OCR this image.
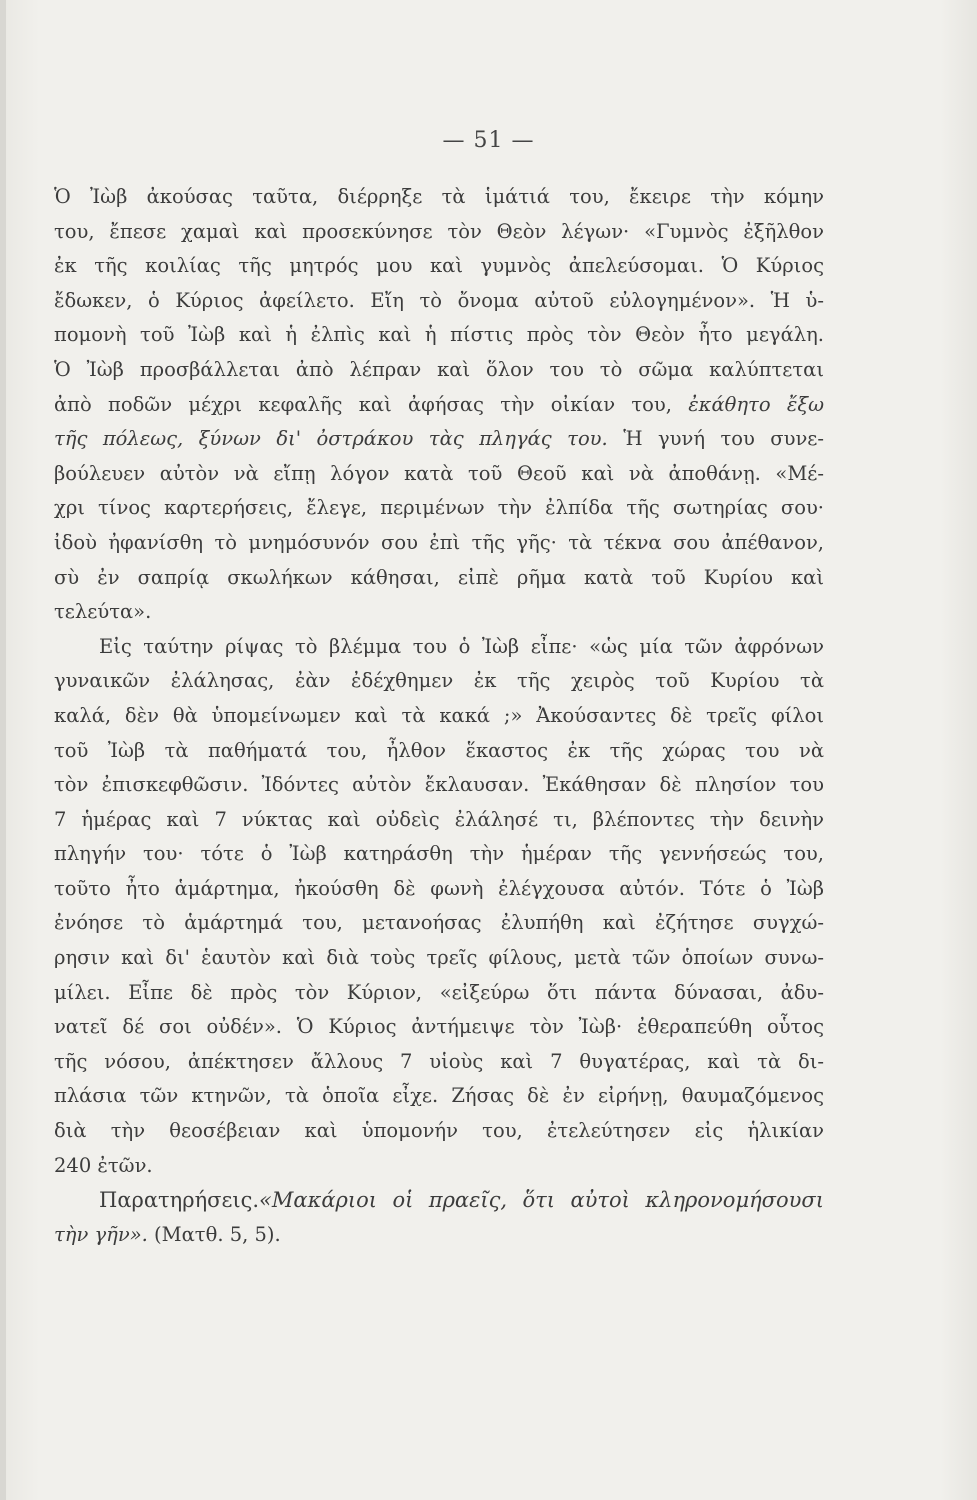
— 51 —
Ὁ Ἰὼβ ἀκούσας ταῦτα, διέρρηξε τὰ ἱμάτιά του, ἔκειρε τὴν κόμην
του, ἔπεσε χαμαὶ καὶ προσεκύνησε τὸν Θεὸν λέγων· «Γυμνὸς ἐξῆλθον
ἐκ τῆς κοιλίας τῆς μητρός μου καὶ γυμνὸς ἀπελεύσομαι. Ὁ Κύριος
ἔδωκεν, ὁ Κύριος ἀφείλετο. Εἴη τὸ ὄνομα αὐτοῦ εὐλογημένον». Ἡ ὑ-
πομονὴ τοῦ Ἰὼβ καὶ ἡ ἐλπὶς καὶ ἡ πίστις πρὸς τὸν Θεὸν ἦτο μεγάλη.
Ὁ Ἰὼβ προσβάλλεται ἀπὸ λέπραν καὶ ὅλον του τὸ σῶμα καλύπτεται
ἀπὸ ποδῶν μέχρι κεφαλῆς καὶ ἀφήσας τὴν οἰκίαν του, ἐκάθητο ἔξω
τῆς πόλεως, ξύνων δι' ὀστράκου τὰς πληγάς του. Ἡ γυνή του συνε-
βούλευεν αὐτὸν νὰ εἴπῃ λόγον κατὰ τοῦ Θεοῦ καὶ νὰ ἀποθάνῃ. «Μέ-
χρι τίνος καρτερήσεις, ἔλεγε, περιμένων τὴν ἐλπίδα τῆς σωτηρίας σου·
ἰδοὺ ἠφανίσθη τὸ μνημόσυνόν σου ἐπὶ τῆς γῆς· τὰ τέκνα σου ἀπέθανον,
σὺ ἐν σαπρίᾳ σκωλήκων κάθησαι, εἰπὲ ρῆμα κατὰ τοῦ Κυρίου καὶ
τελεύτα».
Εἰς ταύτην ρίψας τὸ βλέμμα του ὁ Ἰὼβ εἶπε· «ὡς μία τῶν ἀφρόνων
γυναικῶν ἐλάλησας, ἐὰν ἐδέχθημεν ἐκ τῆς χειρὸς τοῦ Κυρίου τὰ
καλά, δὲν θὰ ὑπομείνωμεν καὶ τὰ κακά ;» Ἀκούσαντες δὲ τρεῖς φίλοι
τοῦ Ἰὼβ τὰ παθήματά του, ἦλθον ἕκαστος ἐκ τῆς χώρας του νὰ
τὸν ἐπισκεφθῶσιν. Ἰδόντες αὐτὸν ἔκλαυσαν. Ἐκάθησαν δὲ πλησίον του
7 ἡμέρας καὶ 7 νύκτας καὶ οὐδεὶς ἐλάλησέ τι, βλέποντες τὴν δεινὴν
πληγήν του· τότε ὁ Ἰὼβ κατηράσθη τὴν ἡμέραν τῆς γεννήσεώς του,
τοῦτο ἦτο ἁμάρτημα, ἠκούσθη δὲ φωνὴ ἐλέγχουσα αὐτόν. Τότε ὁ Ἰὼβ
ἐνόησε τὸ ἁμάρτημά του, μετανοήσας ἐλυπήθη καὶ ἐζήτησε συγχώ-
ρησιν καὶ δι' ἑαυτὸν καὶ διὰ τοὺς τρεῖς φίλους, μετὰ τῶν ὁποίων συνω-
μίλει. Εἶπε δὲ πρὸς τὸν Κύριον, «εἰξεύρω ὅτι πάντα δύνασαι, ἀδυ-
νατεῖ δέ σοι οὐδέν». Ὁ Κύριος ἀντήμειψε τὸν Ἰὼβ· ἐθεραπεύθη οὗτος
τῆς νόσου, ἀπέκτησεν ἄλλους 7 υἱοὺς καὶ 7 θυγατέρας, καὶ τὰ δι-
πλάσια τῶν κτηνῶν, τὰ ὁποῖα εἶχε. Ζήσας δὲ ἐν εἰρήνῃ, θαυμαζόμενος
διὰ τὴν θεοσέβειαν καὶ ὑπομονήν του, ἐτελεύτησεν εἰς ἡλικίαν
240 ἐτῶν.
Παρατηρήσεις.«Μακάριοι οἱ πραεῖς, ὅτι αὐτοὶ κληρονομήσουσι
τὴν γῆν». (Ματθ. 5, 5).
